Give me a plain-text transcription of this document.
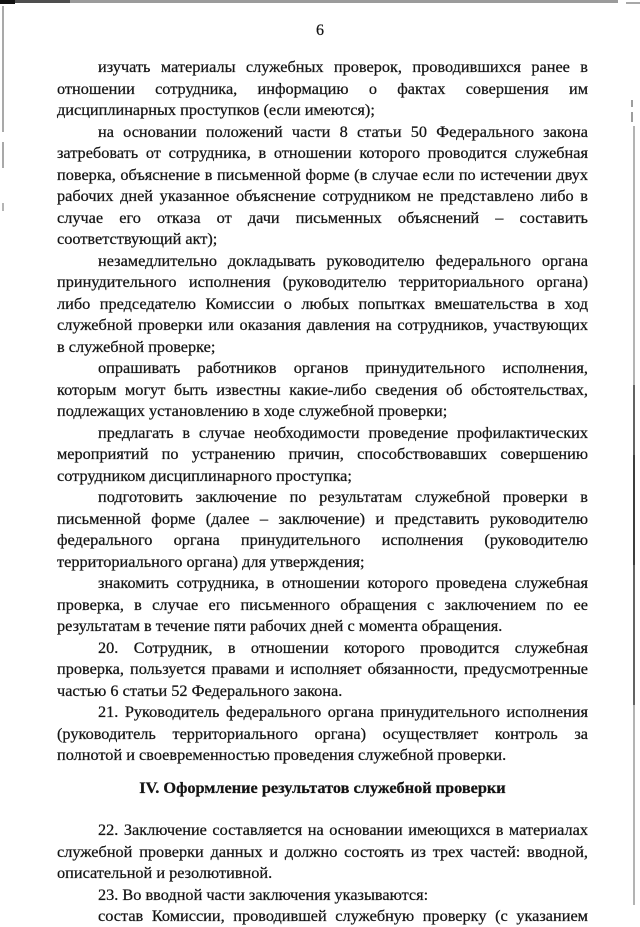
6

изучать материалы служебных проверок, проводившихся ранее в отношении сотрудника, информацию о фактах совершения им дисциплинарных проступков (если имеются);

на основании положений части 8 статьи 50 Федерального закона затребовать от сотрудника, в отношении которого проводится служебная поверка, объяснение в письменной форме (в случае если по истечении двух рабочих дней указанное объяснение сотрудником не представлено либо в случае его отказа от дачи письменных объяснений – составить соответствующий акт);

незамедлительно докладывать руководителю федерального органа принудительного исполнения (руководителю территориального органа) либо председателю Комиссии о любых попытках вмешательства в ход служебной проверки или оказания давления на сотрудников, участвующих в служебной проверке;

опрашивать работников органов принудительного исполнения, которым могут быть известны какие-либо сведения об обстоятельствах, подлежащих установлению в ходе служебной проверки;

предлагать в случае необходимости проведение профилактических мероприятий по устранению причин, способствовавших совершению сотрудником дисциплинарного проступка;

подготовить заключение по результатам служебной проверки в письменной форме (далее – заключение) и представить руководителю федерального органа принудительного исполнения (руководителю территориального органа) для утверждения;

знакомить сотрудника, в отношении которого проведена служебная проверка, в случае его письменного обращения с заключением по ее результатам в течение пяти рабочих дней с момента обращения.

20. Сотрудник, в отношении которого проводится служебная проверка, пользуется правами и исполняет обязанности, предусмотренные частью 6 статьи 52 Федерального закона.

21. Руководитель федерального органа принудительного исполнения (руководитель территориального органа) осуществляет контроль за полнотой и своевременностью проведения служебной проверки.

IV. Оформление результатов служебной проверки

22. Заключение составляется на основании имеющихся в материалах служебной проверки данных и должно состоять из трех частей: вводной, описательной и резолютивной.

23. Во вводной части заключения указываются:

состав Комиссии, проводившей служебную проверку (с указанием
